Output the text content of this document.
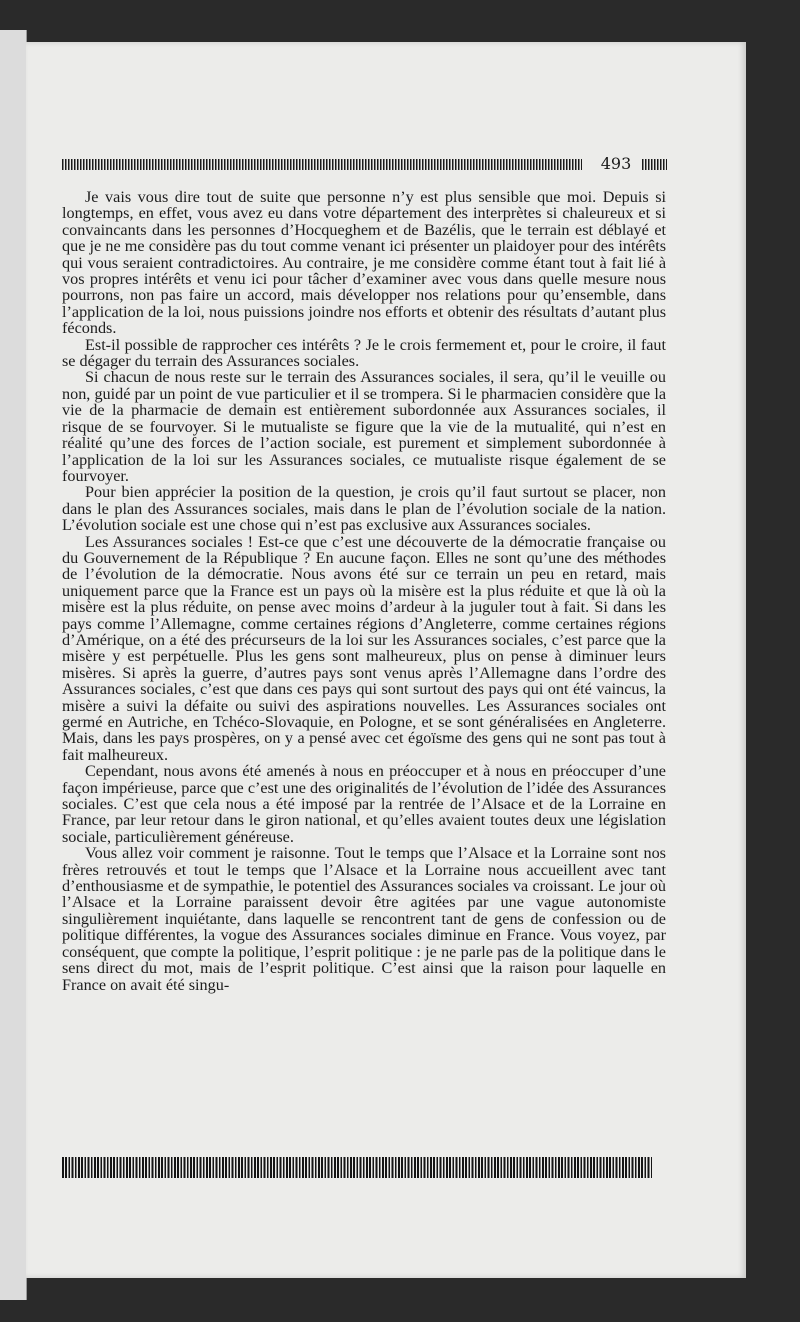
493

Je vais vous dire tout de suite que personne n’y est plus sensible que moi. Depuis si longtemps, en effet, vous avez eu dans votre département des interprètes si chaleureux et si convaincants dans les personnes d’Hocqueghem et de Bazélis, que le terrain est déblayé et que je ne me considère pas du tout comme venant ici présenter un plaidoyer pour des intérêts qui vous seraient contradictoires. Au contraire, je me considère comme étant tout à fait lié à vos propres intérêts et venu ici pour tâcher d’examiner avec vous dans quelle mesure nous pourrons, non pas faire un accord, mais développer nos relations pour qu’ensemble, dans l’application de la loi, nous puissions joindre nos efforts et obtenir des résultats d’autant plus féconds.

Est-il possible de rapprocher ces intérêts ? Je le crois fermement et, pour le croire, il faut se dégager du terrain des Assurances sociales.

Si chacun de nous reste sur le terrain des Assurances sociales, il sera, qu’il le veuille ou non, guidé par un point de vue particulier et il se trompera. Si le pharmacien considère que la vie de la pharmacie de demain est entièrement subordonnée aux Assurances sociales, il risque de se fourvoyer. Si le mutualiste se figure que la vie de la mutualité, qui n’est en réalité qu’une des forces de l’action sociale, est purement et simplement subordonnée à l’application de la loi sur les Assurances sociales, ce mutualiste risque également de se fourvoyer.

Pour bien apprécier la position de la question, je crois qu’il faut surtout se placer, non dans le plan des Assurances sociales, mais dans le plan de l’évolution sociale de la nation. L’évolution sociale est une chose qui n’est pas exclusive aux Assurances sociales.

Les Assurances sociales ! Est-ce que c’est une découverte de la démocratie française ou du Gouvernement de la République ? En aucune façon. Elles ne sont qu’une des méthodes de l’évolution de la démocratie. Nous avons été sur ce terrain un peu en retard, mais uniquement parce que la France est un pays où la misère est la plus réduite et que là où la misère est la plus réduite, on pense avec moins d’ardeur à la juguler tout à fait. Si dans les pays comme l’Allemagne, comme certaines régions d’Angleterre, comme certaines régions d’Amérique, on a été des précurseurs de la loi sur les Assurances sociales, c’est parce que la misère y est perpétuelle. Plus les gens sont malheureux, plus on pense à diminuer leurs misères. Si après la guerre, d’autres pays sont venus après l’Allemagne dans l’ordre des Assurances sociales, c’est que dans ces pays qui sont surtout des pays qui ont été vaincus, la misère a suivi la défaite ou suivi des aspirations nouvelles. Les Assurances sociales ont germé en Autriche, en Tchéco-Slovaquie, en Pologne, et se sont généralisées en Angleterre. Mais, dans les pays prospères, on y a pensé avec cet égoïsme des gens qui ne sont pas tout à fait malheureux.

Cependant, nous avons été amenés à nous en préoccuper et à nous en préoccuper d’une façon impérieuse, parce que c’est une des originalités de l’évolution de l’idée des Assurances sociales. C’est que cela nous a été imposé par la rentrée de l’Alsace et de la Lorraine en France, par leur retour dans le giron national, et qu’elles avaient toutes deux une législation sociale, particulièrement généreuse.

Vous allez voir comment je raisonne. Tout le temps que l’Alsace et la Lorraine sont nos frères retrouvés et tout le temps que l’Alsace et la Lorraine nous accueillent avec tant d’enthousiasme et de sympathie, le potentiel des Assurances sociales va croissant. Le jour où l’Alsace et la Lorraine paraissent devoir être agitées par une vague autonomiste singulièrement inquiétante, dans laquelle se rencontrent tant de gens de confession ou de politique différentes, la vogue des Assurances sociales diminue en France. Vous voyez, par conséquent, que compte la politique, l’esprit politique : je ne parle pas de la politique dans le sens direct du mot, mais de l’esprit politique. C’est ainsi que la raison pour laquelle en France on avait été singu-
